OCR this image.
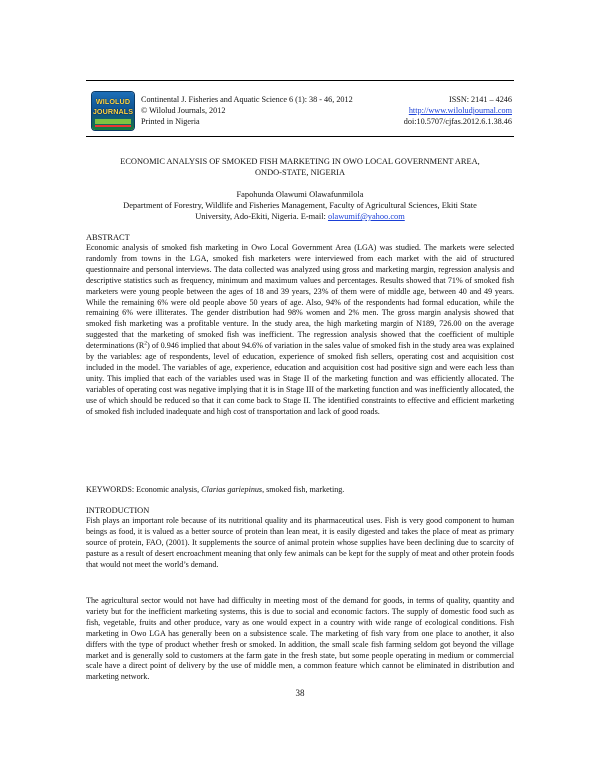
WILOLUD
JOURNALS
Continental J. Fisheries and Aquatic Science 6 (1): 38 - 46, 2012
© Wilolud Journals, 2012
Printed in Nigeria
ISSN: 2141 – 4246
http://www.wiloludjournal.com
doi:10.5707/cjfas.2012.6.1.38.46
ECONOMIC ANALYSIS OF SMOKED FISH MARKETING IN OWO LOCAL GOVERNMENT AREA,
ONDO-STATE, NIGERIA
Fapohunda Olawumi Olawafunmilola
Department of Forestry, Wildlife and Fisheries Management, Faculty of Agricultural Sciences, Ekiti State
University, Ado-Ekiti, Nigeria. E-mail: olawumif@yahoo.com
ABSTRACT
Economic analysis of smoked fish marketing in Owo Local Government Area (LGA) was studied. The markets were selected randomly from towns in the LGA, smoked fish marketers were interviewed from each market with the aid of structured questionnaire and personal interviews. The data collected was analyzed using gross and marketing margin, regression analysis and descriptive statistics such as frequency, minimum and maximum values and percentages. Results showed that 71% of smoked fish marketers were young people between the ages of 18 and 39 years, 23% of them were of middle age, between 40 and 49 years. While the remaining 6% were old people above 50 years of age. Also, 94% of the respondents had formal education, while the remaining 6% were illiterates. The gender distribution had 98% women and 2% men. The gross margin analysis showed that smoked fish marketing was a profitable venture. In the study area, the high marketing margin of N189, 726.00 on the average suggested that the marketing of smoked fish was inefficient. The regression analysis showed that the coefficient of multiple determinations $(R^2)$ of 0.946 implied that about 94.6% of variation in the sales value of smoked fish in the study area was explained by the variables: age of respondents, level of education, experience of smoked fish sellers, operating cost and acquisition cost included in the model. The variables of age, experience, education and acquisition cost had positive sign and were each less than unity. This implied that each of the variables used was in Stage II of the marketing function and was efficiently allocated. The variables of operating cost was negative implying that it is in Stage III of the marketing function and was inefficiently allocated, the use of which should be reduced so that it can come back to Stage II. The identified constraints to effective and efficient marketing of smoked fish included inadequate and high cost of transportation and lack of good roads.
KEYWORDS: Economic analysis, Clarias gariepinus, smoked fish, marketing.
INTRODUCTION
Fish plays an important role because of its nutritional quality and its pharmaceutical uses. Fish is very good component to human beings as food, it is valued as a better source of protein than lean meat, it is easily digested and takes the place of meat as primary source of protein, FAO, (2001). It supplements the source of animal protein whose supplies have been declining due to scarcity of pasture as a result of desert encroachment meaning that only few animals can be kept for the supply of meat and other protein foods that would not meet the world’s demand.
The agricultural sector would not have had difficulty in meeting most of the demand for goods, in terms of quality, quantity and variety but for the inefficient marketing systems, this is due to social and economic factors. The supply of domestic food such as fish, vegetable, fruits and other produce, vary as one would expect in a country with wide range of ecological conditions. Fish marketing in Owo LGA has generally been on a subsistence scale. The marketing of fish vary from one place to another, it also differs with the type of product whether fresh or smoked. In addition, the small scale fish farming seldom got beyond the village market and is generally sold to customers at the farm gate in the fresh state, but some people operating in medium or commercial scale have a direct point of delivery by the use of middle men, a common feature which cannot be eliminated in distribution and marketing network.
38
